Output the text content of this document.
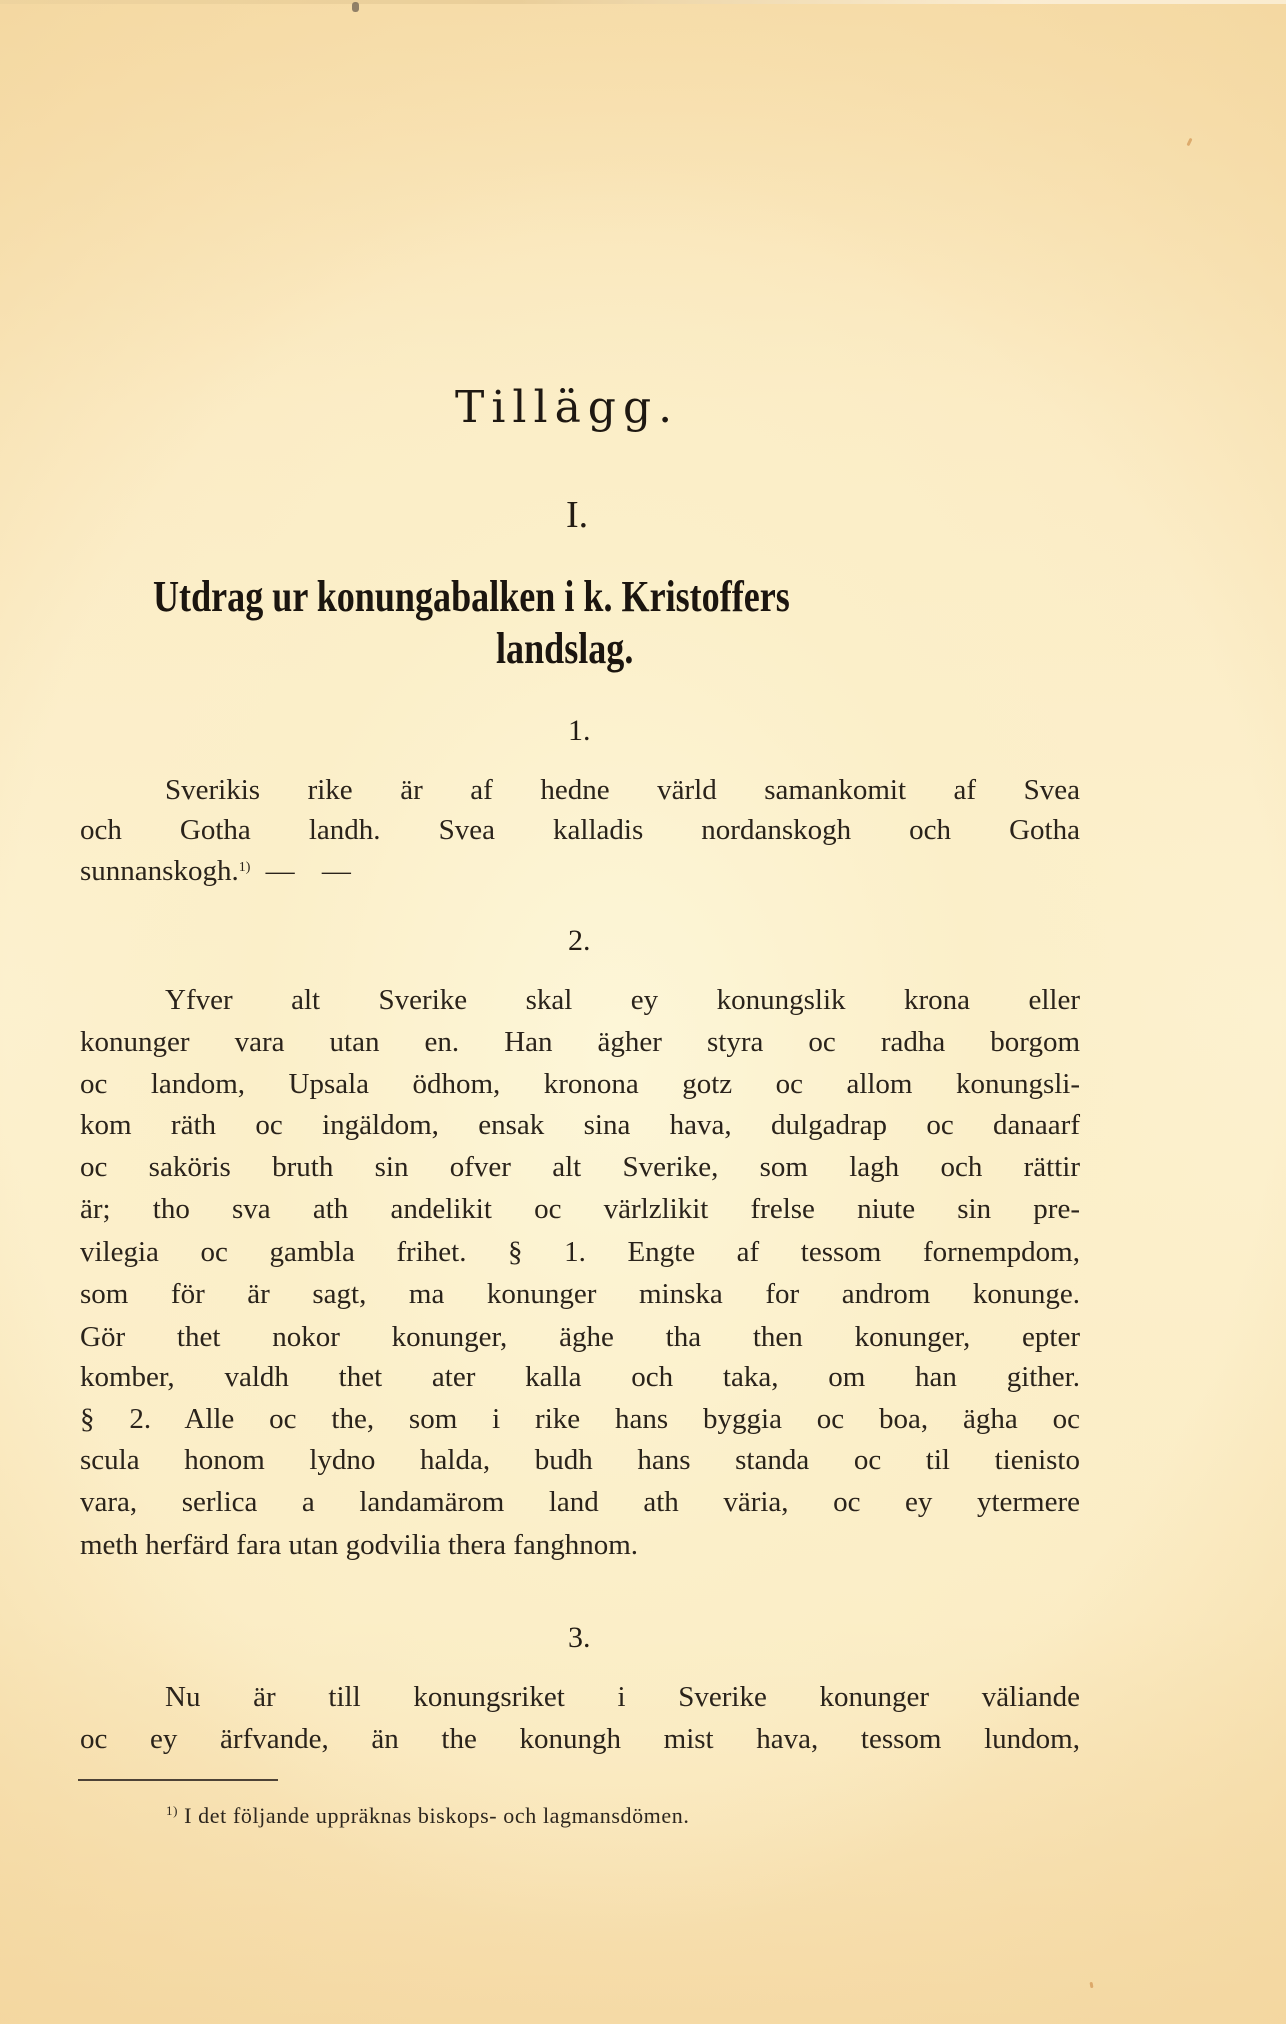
Tillägg.
I.
Utdrag ur konungabalken i k. Kristoffers
landslag.
1.
Sverikis rike är af hedne värld samankomit af Svea
och Gotha landh. Svea kalladis nordanskogh och Gotha
sunnanskogh.$^{1)}$ — —
2.
Yfver alt Sverike skal ey konungslik krona eller
konunger vara utan en. Han ägher styra oc radha borgom
oc landom, Upsala ödhom, kronona gotz oc allom konungsli-
kom räth oc ingäldom, ensak sina hava, dulgadrap oc danaarf
oc saköris bruth sin ofver alt Sverike, som lagh och rättir
är; tho sva ath andelikit oc värlzlikit frelse niute sin pre-
vilegia oc gambla frihet. § 1. Engte af tessom fornempdom,
som för är sagt, ma konunger minska for androm konunge.
Gör thet nokor konunger, äghe tha then konunger, epter
komber, valdh thet ater kalla och taka, om han gither.
§ 2. Alle oc the, som i rike hans byggia oc boa, ägha oc
scula honom lydno halda, budh hans standa oc til tienisto
vara, serlica a landamärom land ath väria, oc ey ytermere
meth herfärd fara utan godvilia thera fanghnom.
3.
Nu är till konungsriket i Sverike konunger väliande
oc ey ärfvande, än the konungh mist hava, tessom lundom,
$^{1)}$ I det följande uppräknas biskops- och lagmansdömen.
